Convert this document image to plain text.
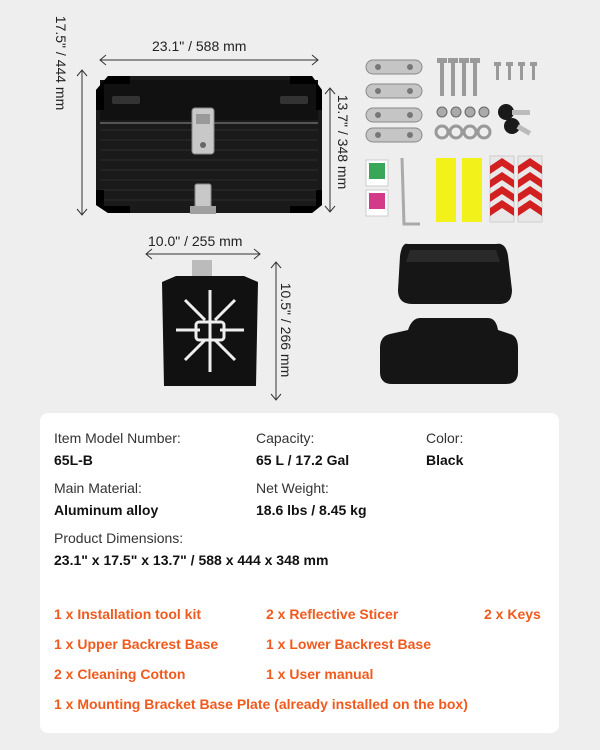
23.1" / 588 mm
17.5" / 444 mm
13.7" / 348 mm
10.0" / 255 mm
10.5" / 266 mm
Item Model Number:
65L-B
Capacity:
65 L / 17.2 Gal
Color:
Black
Main Material:
Aluminum alloy
Net Weight:
18.6 lbs / 8.45 kg
Product Dimensions:
23.1" x 17.5" x 13.7" / 588 x 444 x 348 mm
1 x Installation tool kit	2 x Reflective Sticer	2 x Keys
1 x Upper Backrest Base	1 x Lower Backrest Base
2 x Cleaning Cotton	1 x User manual
1 x Mounting Bracket Base Plate (already installed on the box)
